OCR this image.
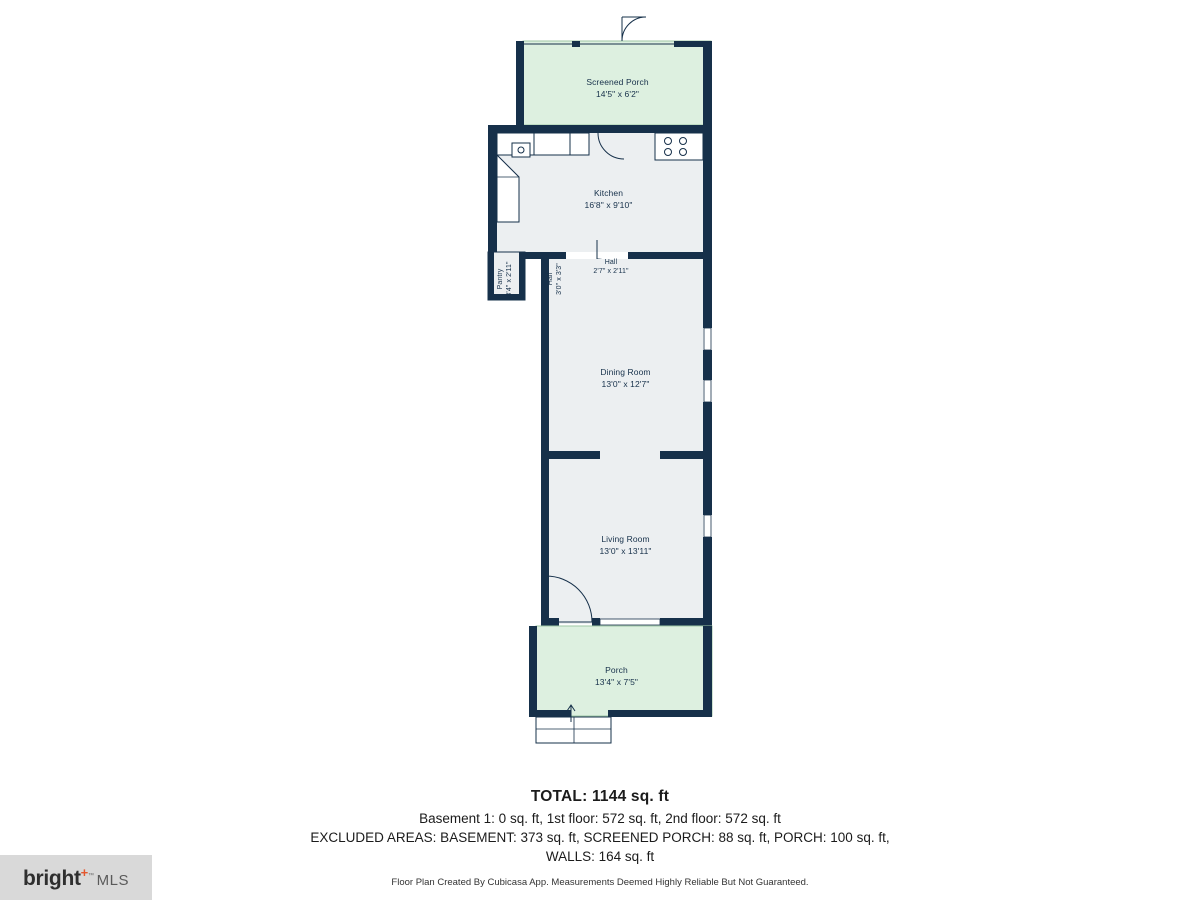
Screened Porch
14'5" x 6'2"
Kitchen
16'8" x 9'10"
Pantry 3'4" x 2'11"	Hall 3'0" x 3'3"
Hall
2'7" x 2'11"
Dining Room
13'0" x 12'7"
Living Room
13'0" x 13'11"
Porch
13'4" x 7'5"
TOTAL: 1144 sq. ft
Basement 1: 0 sq. ft, 1st floor: 572 sq. ft, 2nd floor: 572 sq. ft
EXCLUDED AREAS: BASEMENT: 373 sq. ft, SCREENED PORCH: 88 sq. ft, PORCH: 100 sq. ft,
WALLS: 164 sq. ft
Floor Plan Created By Cubicasa App. Measurements Deemed Highly Reliable But Not Guaranteed.
bright+™ MLS
